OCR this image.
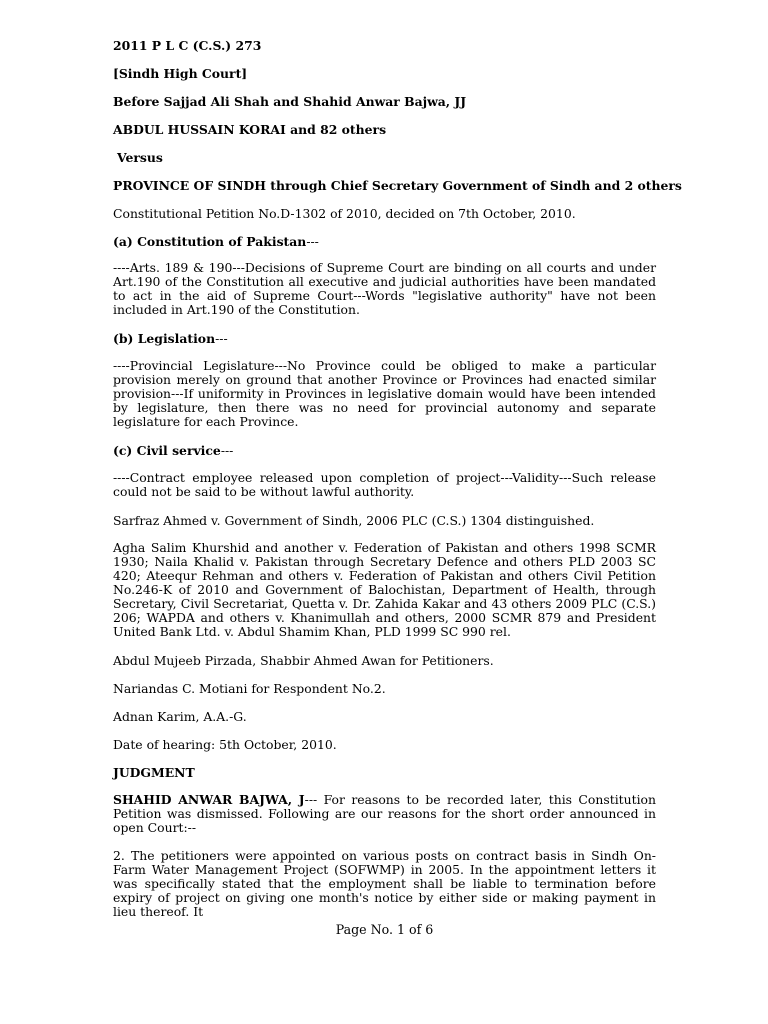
2011 P L C (C.S.) 273
[Sindh High Court]
Before Sajjad Ali Shah and Shahid Anwar Bajwa, JJ
ABDUL HUSSAIN KORAI and 82 others
Versus
PROVINCE OF SINDH through Chief Secretary Government of Sindh and 2 others
Constitutional Petition No.D-1302 of 2010, decided on 7th October, 2010.
(a) Constitution of Pakistan---

----Arts. 189 & 190---Decisions of Supreme Court are binding on all courts and under Art.190 of the Constitution all executive and judicial authorities have been mandated to act in the aid of Supreme Court---Words "legislative authority" have not been included in Art.190 of the Constitution.

(b) Legislation---

----Provincial Legislature---No Province could be obliged to make a particular provision merely on ground that another Province or Provinces had enacted similar provision---If uniformity in Provinces in legislative domain would have been intended by legislature, then there was no need for provincial autonomy and separate legislature for each Province.

(c) Civil service---

----Contract employee released upon completion of project---Validity---Such release could not be said to be without lawful authority.

Sarfraz Ahmed v. Government of Sindh, 2006 PLC (C.S.) 1304 distinguished.

Agha Salim Khurshid and another v. Federation of Pakistan and others 1998 SCMR 1930; Naila Khalid v. Pakistan through Secretary Defence and others PLD 2003 SC 420; Ateequr Rehman and others v. Federation of Pakistan and others Civil Petition No.246-K of 2010 and Government of Balochistan, Department of Health, through Secretary, Civil Secretariat, Quetta v. Dr. Zahida Kakar and 43 others 2009 PLC (C.S.) 206; WAPDA and others v. Khanimullah and others, 2000 SCMR 879 and President United Bank Ltd. v. Abdul Shamim Khan, PLD 1999 SC 990 rel.

Abdul Mujeeb Pirzada, Shabbir Ahmed Awan for Petitioners.
Nariandas C. Motiani for Respondent No.2.
Adnan Karim, A.A.-G.
Date of hearing: 5th October, 2010.
JUDGMENT

SHAHID ANWAR BAJWA, J--- For reasons to be recorded later, this Constitution Petition was dismissed. Following are our reasons for the short order announced in open Court:--

2. The petitioners were appointed on various posts on contract basis in Sindh On-Farm Water Management Project (SOFWMP) in 2005. In the appointment letters it was specifically stated that the employment shall be liable to termination before expiry of project on giving one month's notice by either side or making payment in lieu thereof. It

Page No. 1 of 6
